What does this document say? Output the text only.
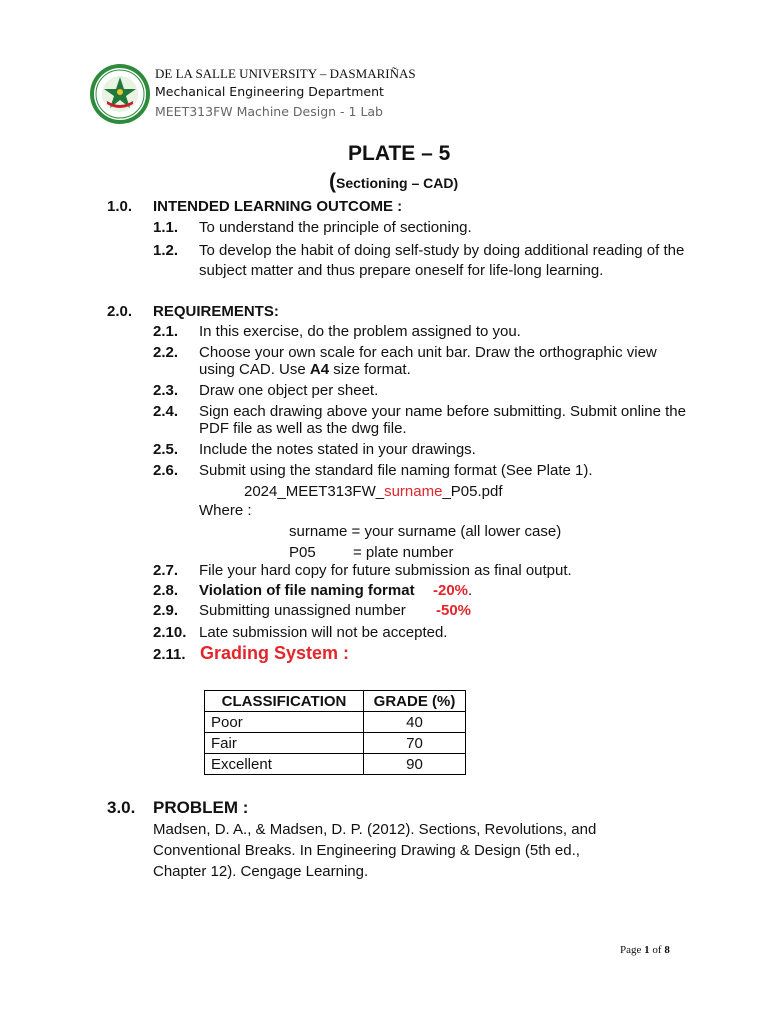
DE LA SALLE UNIVERSITY – DASMARIÑAS
Mechanical Engineering Department
MEET313FW Machine Design - 1 Lab
PLATE – 5
(Sectioning – CAD)
1.0. INTENDED LEARNING OUTCOME :
1.1. To understand the principle of sectioning.
1.2. To develop the habit of doing self-study by doing additional reading of the
subject matter and thus prepare oneself for life-long learning.
2.0. REQUIREMENTS:
2.1. In this exercise, do the problem assigned to you.
2.2. Choose your own scale for each unit bar. Draw the orthographic view
using CAD. Use A4 size format.
2.3. Draw one object per sheet.
2.4. Sign each drawing above your name before submitting. Submit online the
PDF file as well as the dwg file.
2.5. Include the notes stated in your drawings.
2.6. Submit using the standard file naming format (See Plate 1).
2024_MEET313FW_surname_P05.pdf
Where :
surname = your surname (all lower case)
P05 = plate number
2.7. File your hard copy for future submission as final output.
2.8. Violation of file naming format -20%.
2.9. Submitting unassigned number -50%
2.10. Late submission will not be accepted.
2.11. Grading System :
CLASSIFICATION	GRADE (%)
Poor	40
Fair	70
Excellent	90
3.0. PROBLEM :
Madsen, D. A., & Madsen, D. P. (2012). Sections, Revolutions, and
Conventional Breaks. In Engineering Drawing & Design (5th ed.,
Chapter 12). Cengage Learning.
Page 1 of 8
